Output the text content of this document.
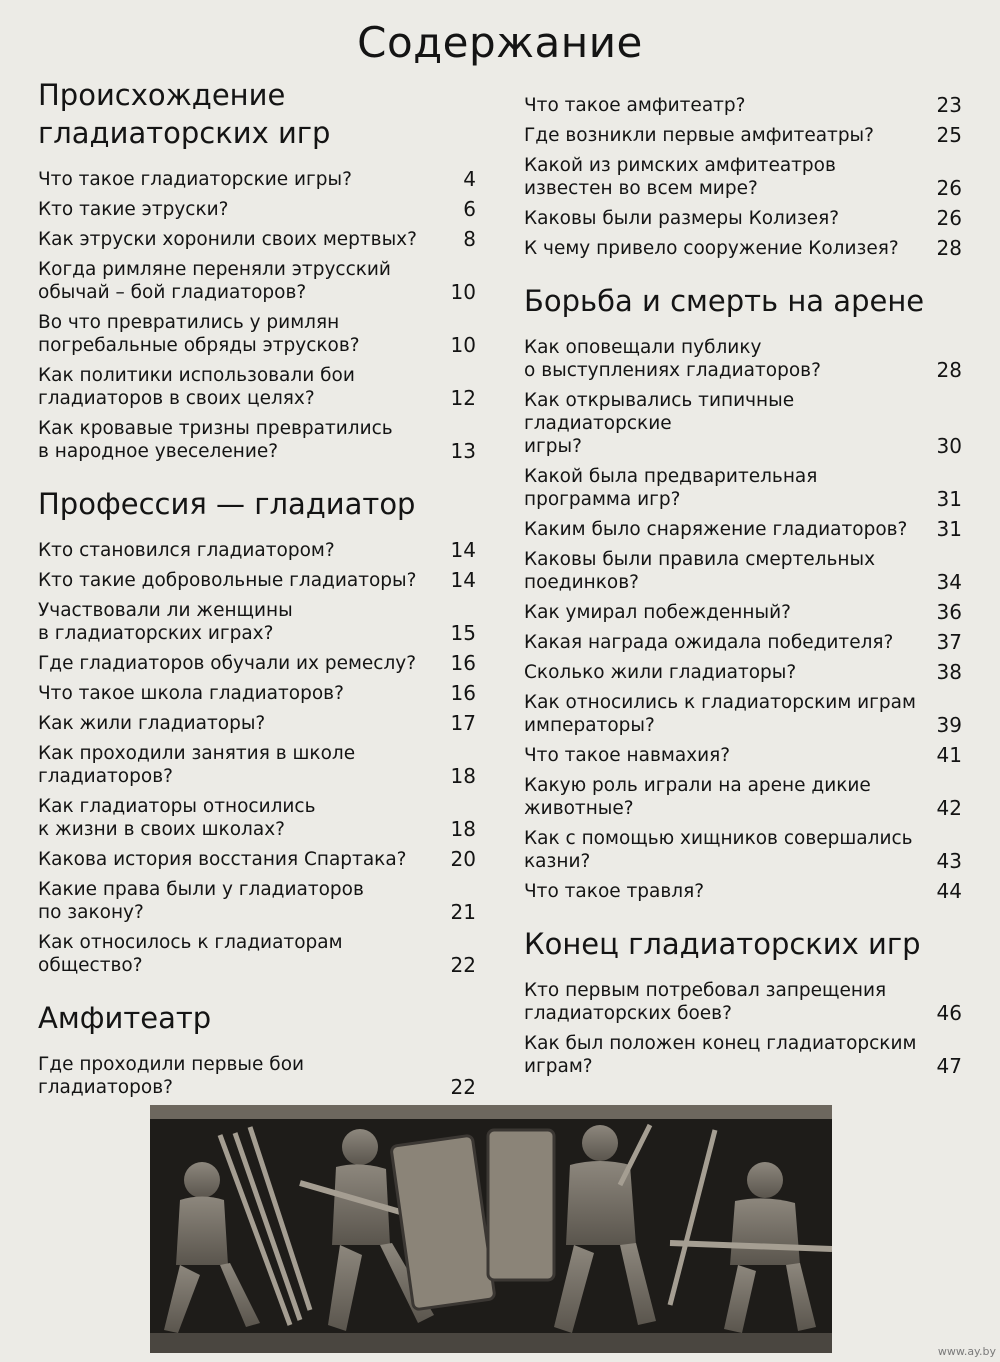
Содержание
Происхождение
гладиаторских игр
Что такое гладиаторские игры?	4
Кто такие этруски?	6
Как этруски хоронили своих мертвых?	8
Когда римляне переняли этрусский
обычай – бой гладиаторов?	10
Во что превратились у римлян
погребальные обряды этрусков?	10
Как политики использовали бои
гладиаторов в своих целях?	12
Как кровавые тризны превратились
в народное увеселение?	13
Профессия — гладиатор
Кто становился гладиатором?	14
Кто такие добровольные гладиаторы? 14
Участвовали ли женщины
в гладиаторских играх?	15
Где гладиаторов обучали их ремеслу? 16
Что такое школа гладиаторов?	16
Как жили гладиаторы?	17
Как проходили занятия в школе
гладиаторов?	18
Как гладиаторы относились
к жизни в своих школах?	18
Какова история восстания Спартака? 20
Какие права были у гладиаторов
по закону?	21
Как относилось к гладиаторам
общество?	22
Амфитеатр
Где проходили первые бои
гладиаторов?	22
Что такое амфитеатр?	23
Где возникли первые амфитеатры?	25
Какой из римских амфитеатров
известен во всем мире?	26
Каковы были размеры Колизея?	26
К чему привело сооружение Колизея? 28
Борьба и смерть на арене
Как оповещали публику
о выступлениях гладиаторов?	28
Как открывались типичные гладиаторские
игры?	30
Какой была предварительная
программа игр?	31
Каким было снаряжение гладиаторов? 31
Каковы были правила смертельных
поединков?	34
Как умирал побежденный?	36
Какая награда ожидала победителя? 37
Сколько жили гладиаторы?	38
Как относились к гладиаторским играм
императоры?	39
Что такое навмахия?	41
Какую роль играли на арене дикие
животные?	42
Как с помощью хищников совершались
казни?	43
Что такое травля?	44
Конец гладиаторских игр
Кто первым потребовал запрещения
гладиаторских боев?	46
Как был положен конец гладиаторским
играм?	47
www.ay.by
